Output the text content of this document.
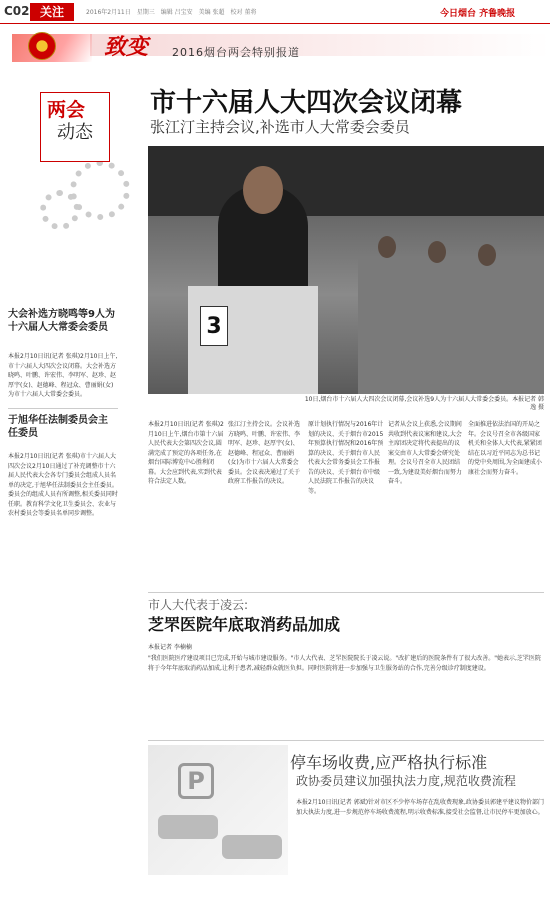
C02 关注	2016年2月11日　星期三　编辑 吕宝安　美编 张超　校对 董将	今日烟台 齐鲁晚报
致变 2016烟台两会特别报道
两会
动态
大会补选方晓鸣等9人为十六届人大常委会委员
本报2月10日讯(记者 张琪)2月10日上午,市十六届人大四次会议闭幕。大会补选方晓鸣、叶鹏、许宏伟、李明军、赵珍、赵厚宇(女)、赵德峰、程冠众、曹丽娟(女)为市十六届人大常委会委员。
于旭华任法制委员会主任委员
本报2月10日讯(记者 张琪)市十六届人大四次会议2月10日通过了补充调整市十六届人民代表大会各专门委员会组成人员名单的决定,于旭华任法制委员会主任委员。委员会的组成人员有所调整,相关委员同时任职。教育科学文化卫生委员会、农业与农村委员会等委员名单同步调整。
市十六届人大四次会议闭幕
张江汀主持会议,补选市人大常委会委员
3
10日,烟台市十六届人大四次会议闭幕,会议补选9人为十六届人大常委会委员。本报记者 韩逸 摄
本报2月10日讯(记者 张琪)2月10日上午,烟台市第十六届人民代表大会第四次会议,圆满完成了预定的各项任务,在烟台国际博览中心胜利闭幕。大会应到代表,实到代表符合法定人数。
张江汀主持会议。会议补选方晓鸣、叶鹏、许宏伟、李明军、赵珍、赵厚宇(女)、赵德峰、程冠众、曹丽娟(女)为市十六届人大常委会委员。会议表决通过了关于政府工作报告的决议。
原计划执行情况与2016年计划的决议、关于烟台市2015年预算执行情况和2016年预算的决议、关于烟台市人民代表大会常务委员会工作报告的决议、关于烟台市中级人民法院工作报告的决议等。
记者从会议上获悉,会议期间共收到代表议案和建议,大会主席团决定将代表提出的议案交由市人大常委会研究处理。会议号召全市人民团结一致,为建设美好烟台而努力奋斗。
全面推进依法治国的开局之年。会议号召全市各级国家机关和全体人大代表,紧紧团结在以习近平同志为总书记的党中央周围,为全面建成小康社会而努力奋斗。
市人大代表于凌云:
芝罘医院年底取消药品加成
本报记者 李楠楠
"我们医院医疗建设项目已完成,开始与城市建设服务。"市人大代表、芝罘医院院长于凌云说。"改扩建后的医院条件有了很大改善。"她表示,芝罘医院将于今年年底取消药品加成,让利于患者,减轻群众就医负担。同时医院将进一步加强与卫生服务站的合作,完善分级诊疗制度建设。
P
停车场收费,应严格执行标准
政协委员建议加强执法力度,规范收费流程
本报2月10日讯(记者 郭斌)针对市区不少停车场存在乱收费现象,政协委员郭建平建议物价部门加大执法力度,进一步规范停车场收费流程,明示收费标准,接受社会监督,让市民停车更加放心。
